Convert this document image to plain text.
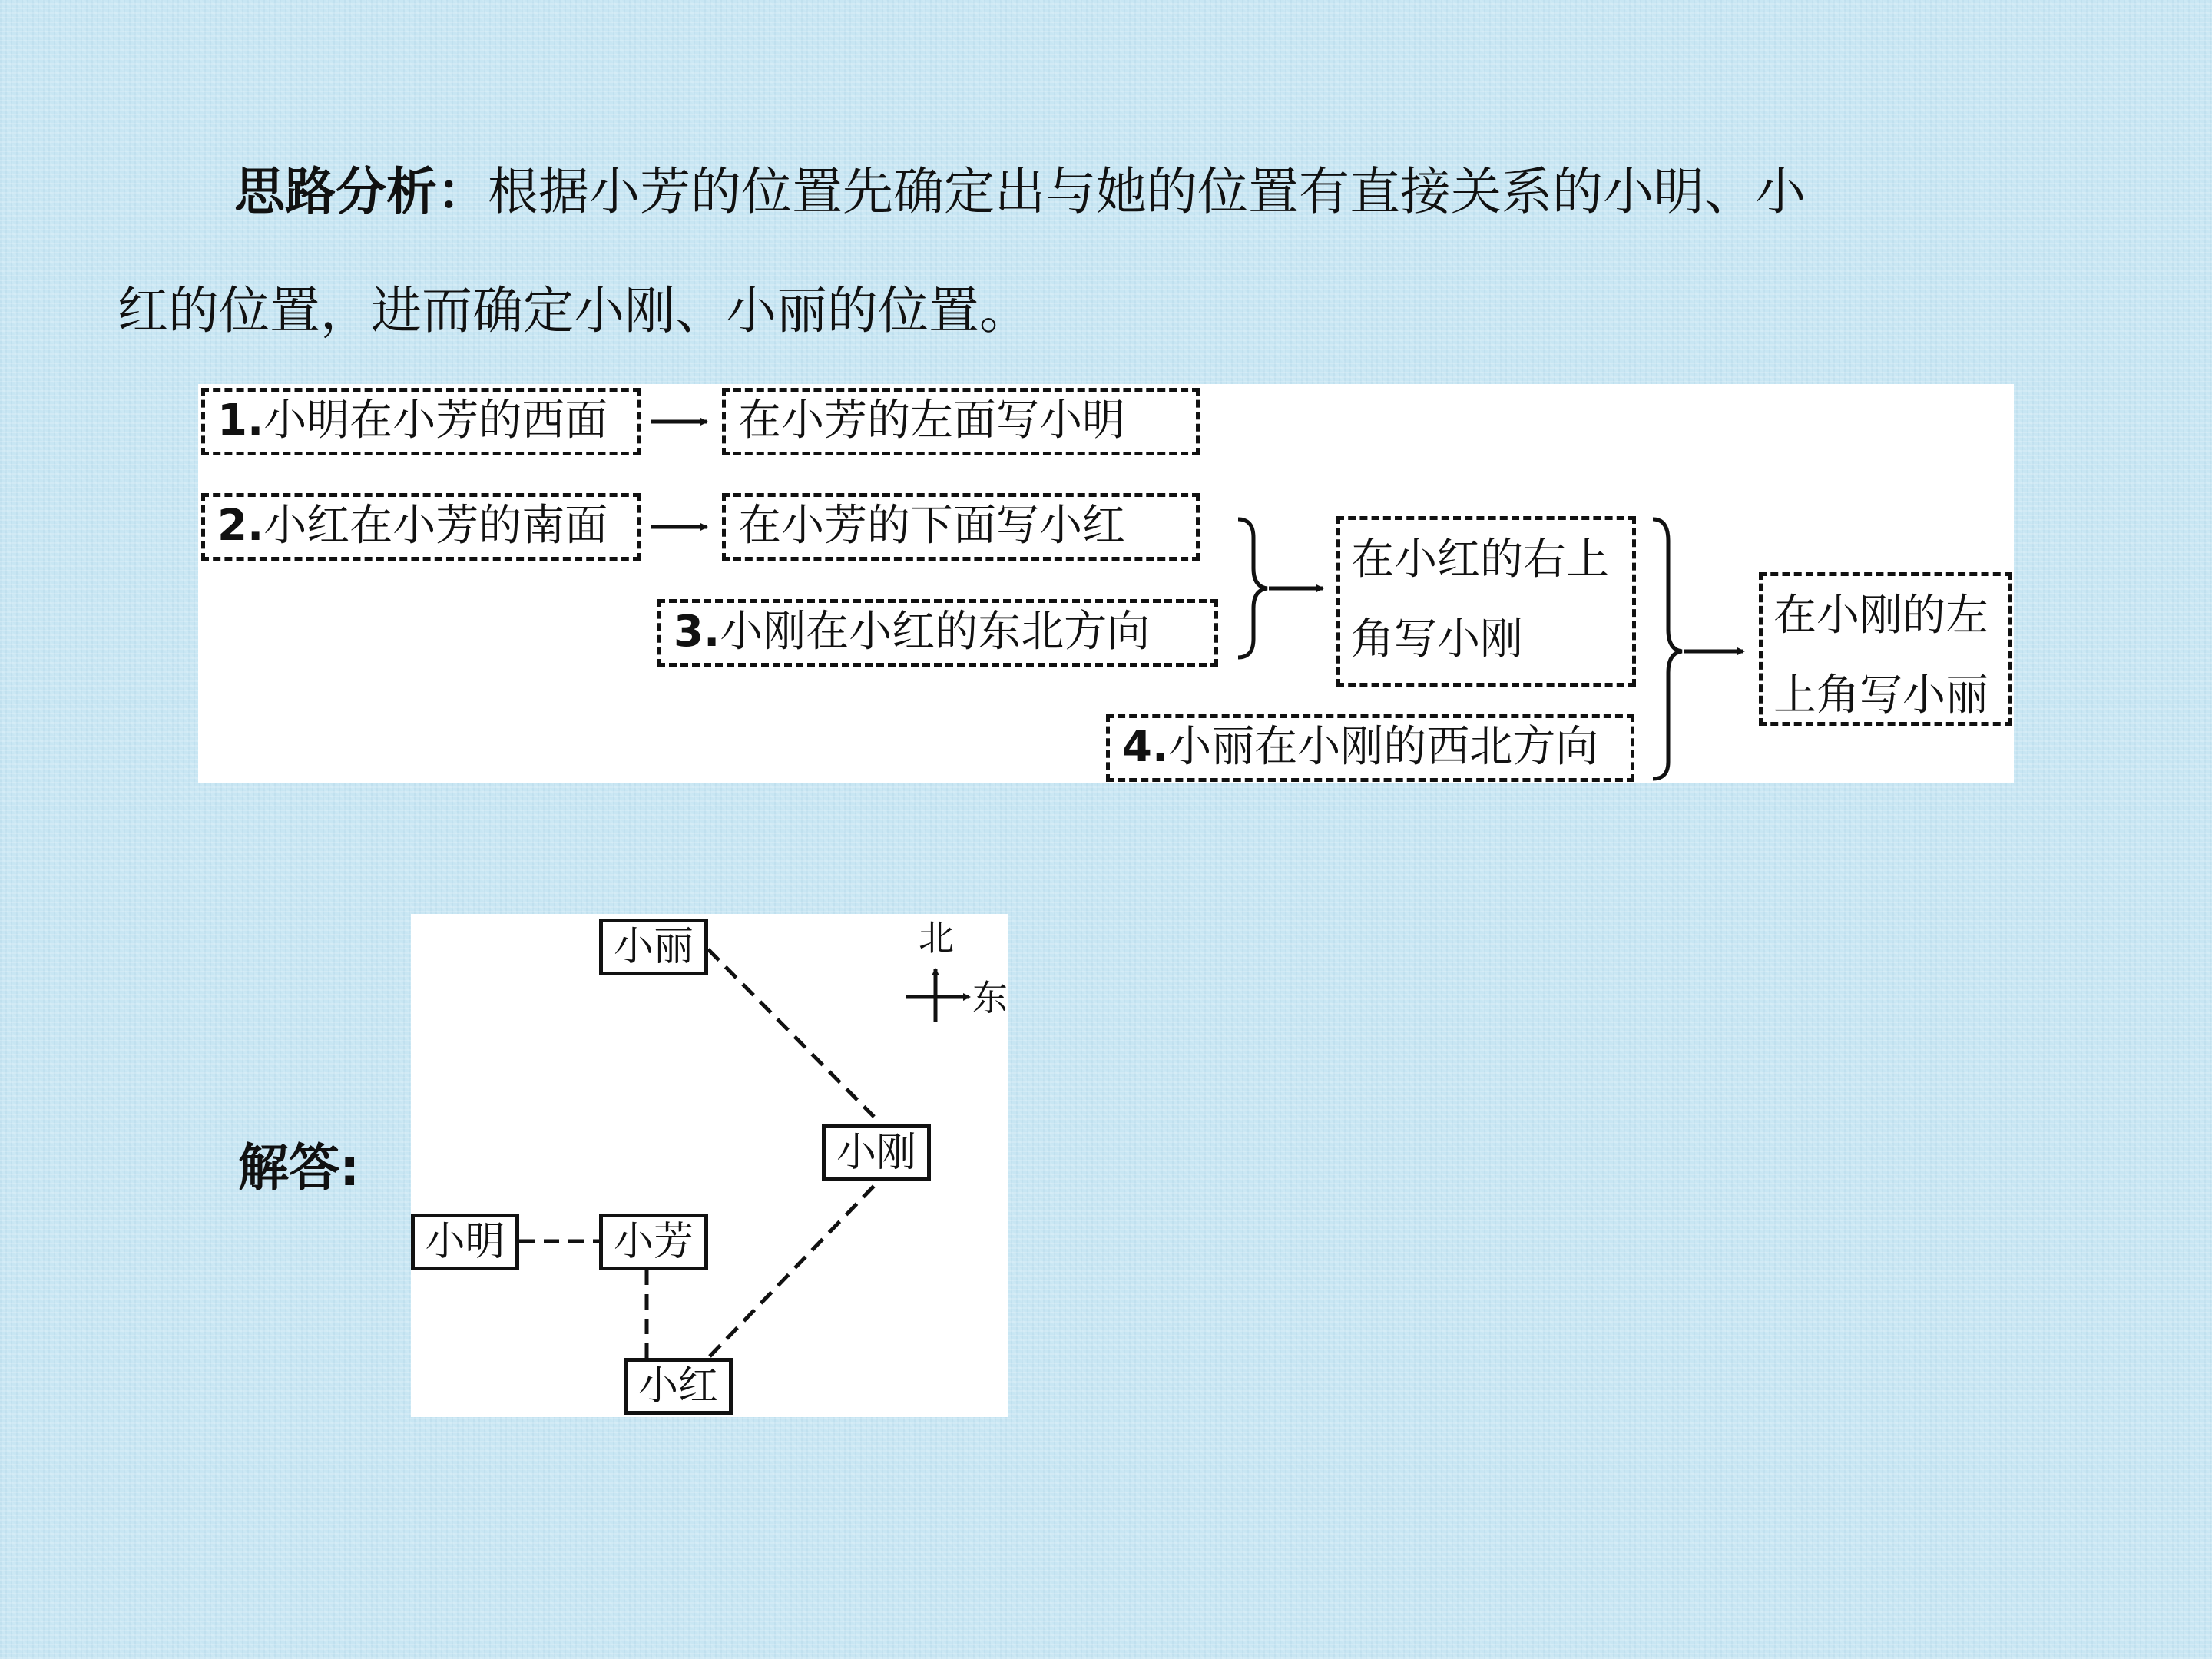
思路分析：根据小芳的位置先确定出与她的位置有直接关系的小明、小
红的位置，进而确定小刚、小丽的位置。
1.小明在小芳的西面	在小芳的左面写小明
2.小红在小芳的南面	在小芳的下面写小红
3.小刚在小红的东北方向
在小红的右上角写小刚
4.小丽在小刚的西北方向
在小刚的左上角写小丽
解答:
北
东
小丽
小刚
小明	小芳
小红
